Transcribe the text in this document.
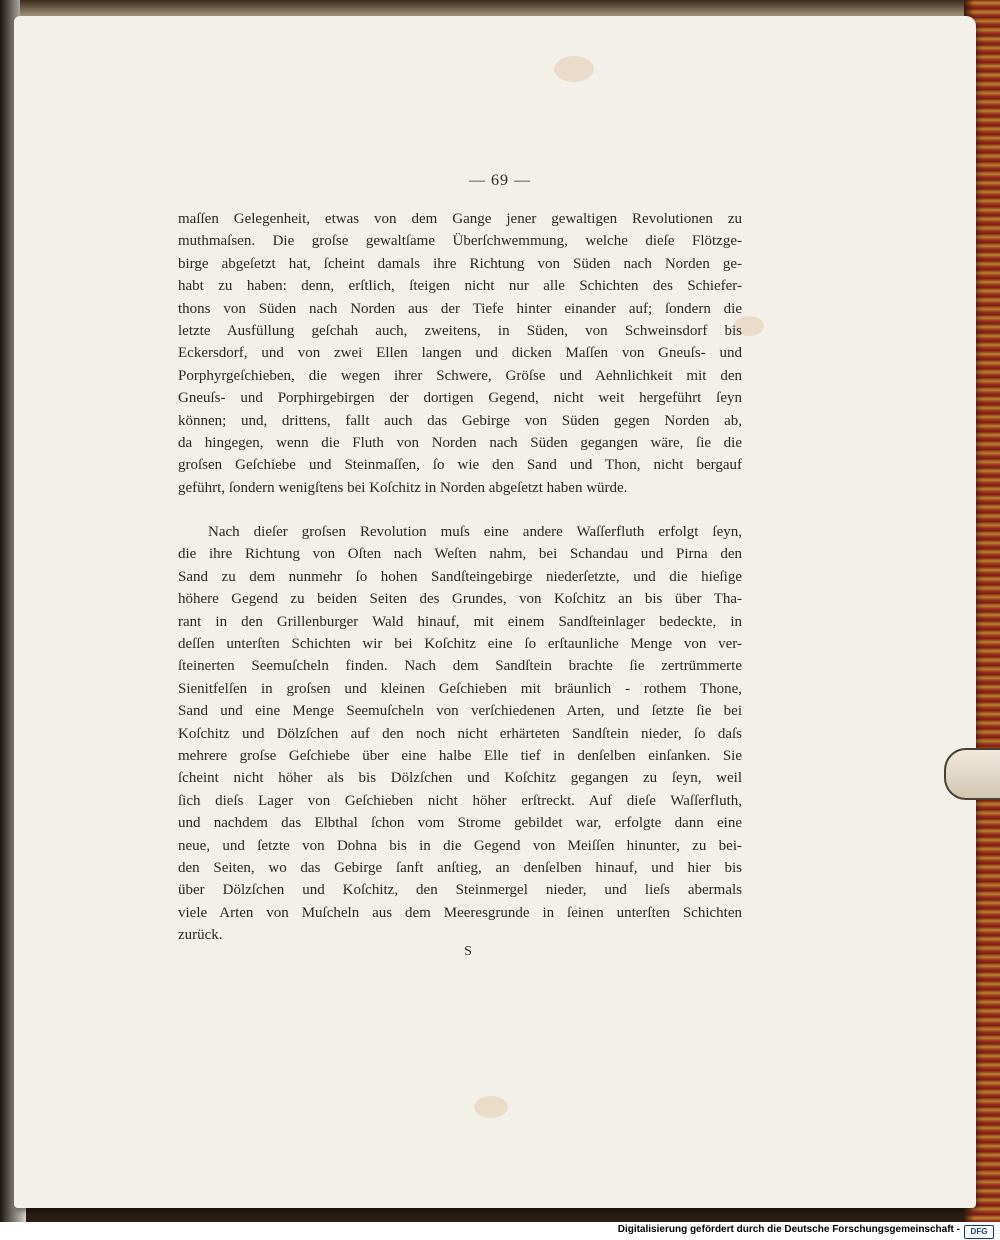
— 69 —
maſſen Gelegenheit, etwas von dem Gange jener gewaltigen Revolutionen zu
muthmaſsen. Die groſse gewaltſame Überſchwemmung, welche dieſe Flötzge-
birge abgeſetzt hat, ſcheint damals ihre Richtung von Süden nach Norden ge-
habt zu haben: denn, erſtlich, ſteigen nicht nur alle Schichten des Schiefer-
thons von Süden nach Norden aus der Tiefe hinter einander auf; ſondern die
letzte Ausfüllung geſchah auch, zweitens, in Süden, von Schweinsdorf bis
Eckersdorf, und von zwei Ellen langen und dicken Maſſen von Gneuſs- und
Porphyrgeſchieben, die wegen ihrer Schwere, Gröſse und Aehnlichkeit mit den
Gneuſs- und Porphirgebirgen der dortigen Gegend, nicht weit hergeführt ſeyn
können; und, drittens, fallt auch das Gebirge von Süden gegen Norden ab,
da hingegen, wenn die Fluth von Norden nach Süden gegangen wäre, ſie die
groſsen Geſchiebe und Steinmaſſen, ſo wie den Sand und Thon, nicht bergauf
geführt, ſondern wenigſtens bei Koſchitz in Norden abgeſetzt haben würde.
Nach dieſer groſsen Revolution muſs eine andere Waſſerfluth erfolgt ſeyn,
die ihre Richtung von Oſten nach Weſten nahm, bei Schandau und Pirna den
Sand zu dem nunmehr ſo hohen Sandſteingebirge niederſetzte, und die hieſige
höhere Gegend zu beiden Seiten des Grundes, von Koſchitz an bis über Tha-
rant in den Grillenburger Wald hinauf, mit einem Sandſteinlager bedeckte, in
deſſen unterſten Schichten wir bei Koſchitz eine ſo erſtaunliche Menge von ver-
ſteinerten Seemuſcheln finden. Nach dem Sandſtein brachte ſie zertrümmerte
Sienitfelſen in groſsen und kleinen Geſchieben mit bräunlich - rothem Thone,
Sand und eine Menge Seemuſcheln von verſchiedenen Arten, und ſetzte ſie bei
Koſchitz und Dölzſchen auf den noch nicht erhärteten Sandſtein nieder, ſo daſs
mehrere groſse Geſchiebe über eine halbe Elle tief in denſelben einſanken. Sie
ſcheint nicht höher als bis Dölzſchen und Koſchitz gegangen zu ſeyn, weil
ſich dieſs Lager von Geſchieben nicht höher erſtreckt. Auf dieſe Waſſerfluth,
und nachdem das Elbthal ſchon vom Strome gebildet war, erfolgte dann eine
neue, und ſetzte von Dohna bis in die Gegend von Meiſſen hinunter, zu bei-
den Seiten, wo das Gebirge ſanft anſtieg, an denſelben hinauf, und hier bis
über Dölzſchen und Koſchitz, den Steinmergel nieder, und lieſs abermals
viele Arten von Muſcheln aus dem Meeresgrunde in ſeinen unterſten Schichten
zurück.
S
Digitalisierung gefördert durch die Deutsche Forschungsgemeinschaft -	DFG
